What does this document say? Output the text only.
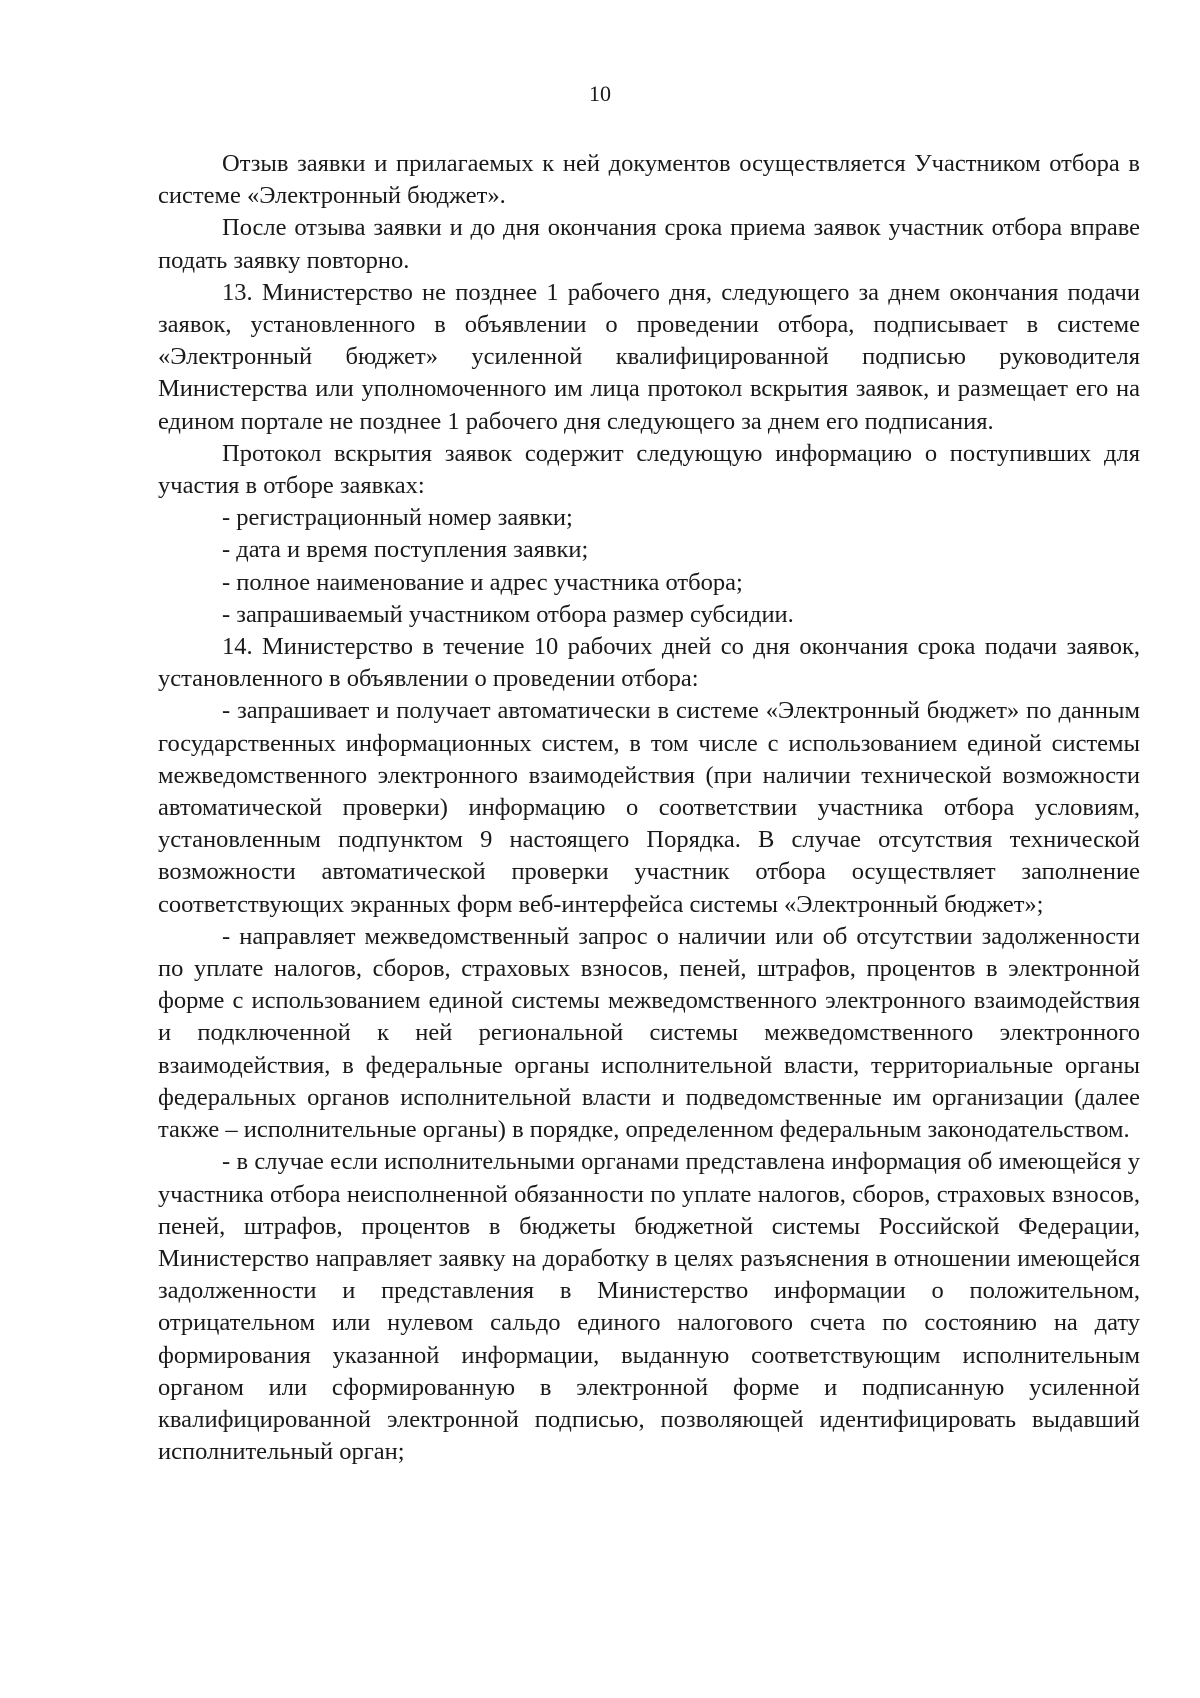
10

Отзыв заявки и прилагаемых к ней документов осуществляется Участником отбора в системе «Электронный бюджет».

После отзыва заявки и до дня окончания срока приема заявок участник отбора вправе подать заявку повторно.

13. Министерство не позднее 1 рабочего дня, следующего за днем окончания подачи заявок, установленного в объявлении о проведении отбора, подписывает в системе «Электронный бюджет» усиленной квалифицированной подписью руководителя Министерства или уполномоченного им лица протокол вскрытия заявок, и размещает его на едином портале не позднее 1 рабочего дня следующего за днем его подписания.

Протокол вскрытия заявок содержит следующую информацию о поступивших для участия в отборе заявках:

- регистрационный номер заявки;

- дата и время поступления заявки;

- полное наименование и адрес участника отбора;

- запрашиваемый участником отбора размер субсидии.

14. Министерство в течение 10 рабочих дней со дня окончания срока подачи заявок, установленного в объявлении о проведении отбора:

- запрашивает и получает автоматически в системе «Электронный бюджет» по данным государственных информационных систем, в том числе с использованием единой системы межведомственного электронного взаимодействия (при наличии технической возможности автоматической проверки) информацию о соответствии участника отбора условиям, установленным подпунктом 9 настоящего Порядка. В случае отсутствия технической возможности автоматической проверки участник отбора осуществляет заполнение соответствующих экранных форм веб-интерфейса системы «Электронный бюджет»;

- направляет межведомственный запрос о наличии или об отсутствии задолженности по уплате налогов, сборов, страховых взносов, пеней, штрафов, процентов в электронной форме с использованием единой системы межведомственного электронного взаимодействия и подключенной к ней региональной системы межведомственного электронного взаимодействия, в федеральные органы исполнительной власти, территориальные органы федеральных органов исполнительной власти и подведомственные им организации (далее также – исполнительные органы) в порядке, определенном федеральным законодательством.

- в случае если исполнительными органами представлена информация об имеющейся у участника отбора неисполненной обязанности по уплате налогов, сборов, страховых взносов, пеней, штрафов, процентов в бюджеты бюджетной системы Российской Федерации, Министерство направляет заявку на доработку в целях разъяснения в отношении имеющейся задолженности и представления в Министерство информации о положительном, отрицательном или нулевом сальдо единого налогового счета по состоянию на дату формирования указанной информации, выданную соответствующим исполнительным органом или сформированную в электронной форме и подписанную усиленной квалифицированной электронной подписью, позволяющей идентифицировать выдавший исполнительный орган;
